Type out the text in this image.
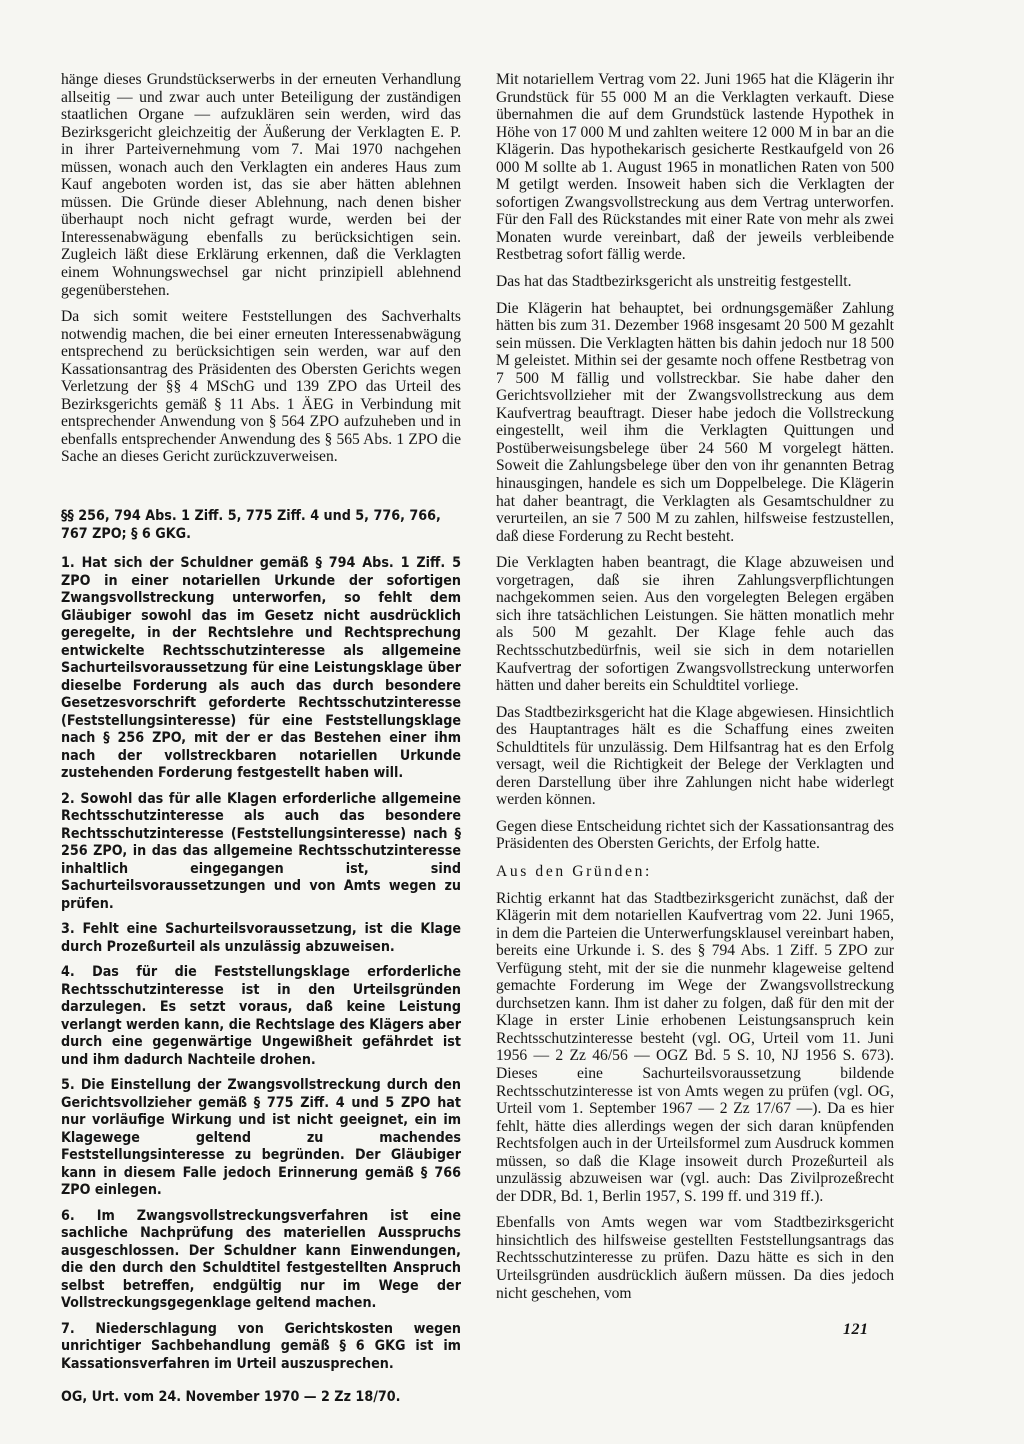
hänge dieses Grundstückserwerbs in der erneuten Verhandlung allseitig — und zwar auch unter Beteiligung der zuständigen staatlichen Organe — aufzuklären sein werden, wird das Bezirksgericht gleichzeitig der Äußerung der Verklagten E. P. in ihrer Parteivernehmung vom 7. Mai 1970 nachgehen müssen, wonach auch den Verklagten ein anderes Haus zum Kauf angeboten worden ist, das sie aber hätten ablehnen müssen. Die Gründe dieser Ablehnung, nach denen bisher überhaupt noch nicht gefragt wurde, werden bei der Interessenabwägung ebenfalls zu berücksichtigen sein. Zugleich läßt diese Erklärung erkennen, daß die Verklagten einem Wohnungswechsel gar nicht prinzipiell ablehnend gegenüberstehen.

Da sich somit weitere Feststellungen des Sachverhalts notwendig machen, die bei einer erneuten Interessenabwägung entsprechend zu berücksichtigen sein werden, war auf den Kassationsantrag des Präsidenten des Obersten Gerichts wegen Verletzung der §§ 4 MSchG und 139 ZPO das Urteil des Bezirksgerichts gemäß § 11 Abs. 1 ÄEG in Verbindung mit entsprechender Anwendung von § 564 ZPO aufzuheben und in ebenfalls entsprechender Anwendung des § 565 Abs. 1 ZPO die Sache an dieses Gericht zurückzuverweisen.

§§ 256, 794 Abs. 1 Ziff. 5, 775 Ziff. 4 und 5, 776, 766, 767 ZPO; § 6 GKG.

1. Hat sich der Schuldner gemäß § 794 Abs. 1 Ziff. 5 ZPO in einer notariellen Urkunde der sofortigen Zwangsvollstreckung unterworfen, so fehlt dem Gläubiger sowohl das im Gesetz nicht ausdrücklich geregelte, in der Rechtslehre und Rechtsprechung entwickelte Rechtsschutzinteresse als allgemeine Sachurteilsvoraussetzung für eine Leistungsklage über dieselbe Forderung als auch das durch besondere Gesetzesvorschrift geforderte Rechtsschutzinteresse (Feststellungsinteresse) für eine Feststellungsklage nach § 256 ZPO, mit der er das Bestehen einer ihm nach der vollstreckbaren notariellen Urkunde zustehenden Forderung festgestellt haben will.

2. Sowohl das für alle Klagen erforderliche allgemeine Rechtsschutzinteresse als auch das besondere Rechtsschutzinteresse (Feststellungsinteresse) nach § 256 ZPO, in das das allgemeine Rechtsschutzinteresse inhaltlich eingegangen ist, sind Sachurteilsvoraussetzungen und von Amts wegen zu prüfen.

3. Fehlt eine Sachurteilsvoraussetzung, ist die Klage durch Prozeßurteil als unzulässig abzuweisen.

4. Das für die Feststellungsklage erforderliche Rechtsschutzinteresse ist in den Urteilsgründen darzulegen. Es setzt voraus, daß keine Leistung verlangt werden kann, die Rechtslage des Klägers aber durch eine gegenwärtige Ungewißheit gefährdet ist und ihm dadurch Nachteile drohen.

5. Die Einstellung der Zwangsvollstreckung durch den Gerichtsvollzieher gemäß § 775 Ziff. 4 und 5 ZPO hat nur vorläufige Wirkung und ist nicht geeignet, ein im Klagewege geltend zu machendes Feststellungsinteresse zu begründen. Der Gläubiger kann in diesem Falle jedoch Erinnerung gemäß § 766 ZPO einlegen.

6. Im Zwangsvollstreckungsverfahren ist eine sachliche Nachprüfung des materiellen Ausspruchs ausgeschlossen. Der Schuldner kann Einwendungen, die den durch den Schuldtitel festgestellten Anspruch selbst betreffen, endgültig nur im Wege der Vollstreckungsgegenklage geltend machen.

7. Niederschlagung von Gerichtskosten wegen unrichtiger Sachbehandlung gemäß § 6 GKG ist im Kassationsverfahren im Urteil auszusprechen.

OG, Urt. vom 24. November 1970 — 2 Zz 18/70.

Mit notariellem Vertrag vom 22. Juni 1965 hat die Klägerin ihr Grundstück für 55 000 M an die Verklagten verkauft. Diese übernahmen die auf dem Grundstück lastende Hypothek in Höhe von 17 000 M und zahlten weitere 12 000 M in bar an die Klägerin. Das hypothekarisch gesicherte Restkaufgeld von 26 000 M sollte ab 1. August 1965 in monatlichen Raten von 500 M getilgt werden. Insoweit haben sich die Verklagten der sofortigen Zwangsvollstreckung aus dem Vertrag unterworfen. Für den Fall des Rückstandes mit einer Rate von mehr als zwei Monaten wurde vereinbart, daß der jeweils verbleibende Restbetrag sofort fällig werde.

Das hat das Stadtbezirksgericht als unstreitig festgestellt.

Die Klägerin hat behauptet, bei ordnungsgemäßer Zahlung hätten bis zum 31. Dezember 1968 insgesamt 20 500 M gezahlt sein müssen. Die Verklagten hätten bis dahin jedoch nur 18 500 M geleistet. Mithin sei der gesamte noch offene Restbetrag von 7 500 M fällig und vollstreckbar. Sie habe daher den Gerichtsvollzieher mit der Zwangsvollstreckung aus dem Kaufvertrag beauftragt. Dieser habe jedoch die Vollstreckung eingestellt, weil ihm die Verklagten Quittungen und Postüberweisungsbelege über 24 560 M vorgelegt hätten. Soweit die Zahlungsbelege über den von ihr genannten Betrag hinausgingen, handele es sich um Doppelbelege. Die Klägerin hat daher beantragt, die Verklagten als Gesamtschuldner zu verurteilen, an sie 7 500 M zu zahlen, hilfsweise festzustellen, daß diese Forderung zu Recht besteht.

Die Verklagten haben beantragt, die Klage abzuweisen und vorgetragen, daß sie ihren Zahlungsverpflichtungen nachgekommen seien. Aus den vorgelegten Belegen ergäben sich ihre tatsächlichen Leistungen. Sie hätten monatlich mehr als 500 M gezahlt. Der Klage fehle auch das Rechtsschutzbedürfnis, weil sie sich in dem notariellen Kaufvertrag der sofortigen Zwangsvollstreckung unterworfen hätten und daher bereits ein Schuldtitel vorliege.

Das Stadtbezirksgericht hat die Klage abgewiesen. Hinsichtlich des Hauptantrages hält es die Schaffung eines zweiten Schuldtitels für unzulässig. Dem Hilfsantrag hat es den Erfolg versagt, weil die Richtigkeit der Belege der Verklagten und deren Darstellung über ihre Zahlungen nicht habe widerlegt werden können.

Gegen diese Entscheidung richtet sich der Kassationsantrag des Präsidenten des Obersten Gerichts, der Erfolg hatte.

Aus den Gründen:

Richtig erkannt hat das Stadtbezirksgericht zunächst, daß der Klägerin mit dem notariellen Kaufvertrag vom 22. Juni 1965, in dem die Parteien die Unterwerfungsklausel vereinbart haben, bereits eine Urkunde i. S. des § 794 Abs. 1 Ziff. 5 ZPO zur Verfügung steht, mit der sie die nunmehr klageweise geltend gemachte Forderung im Wege der Zwangsvollstreckung durchsetzen kann. Ihm ist daher zu folgen, daß für den mit der Klage in erster Linie erhobenen Leistungsanspruch kein Rechtsschutzinteresse besteht (vgl. OG, Urteil vom 11. Juni 1956 — 2 Zz 46/56 — OGZ Bd. 5 S. 10, NJ 1956 S. 673). Dieses eine Sachurteilsvoraussetzung bildende Rechtsschutzinteresse ist von Amts wegen zu prüfen (vgl. OG, Urteil vom 1. September 1967 — 2 Zz 17/67 —). Da es hier fehlt, hätte dies allerdings wegen der sich daran knüpfenden Rechtsfolgen auch in der Urteilsformel zum Ausdruck kommen müssen, so daß die Klage insoweit durch Prozeßurteil als unzulässig abzuweisen war (vgl. auch: Das Zivilprozeßrecht der DDR, Bd. 1, Berlin 1957, S. 199 ff. und 319 ff.).

Ebenfalls von Amts wegen war vom Stadtbezirksgericht hinsichtlich des hilfsweise gestellten Feststellungsantrags das Rechtsschutzinteresse zu prüfen. Dazu hätte es sich in den Urteilsgründen ausdrücklich äußern müssen. Da dies jedoch nicht geschehen, vom

121
